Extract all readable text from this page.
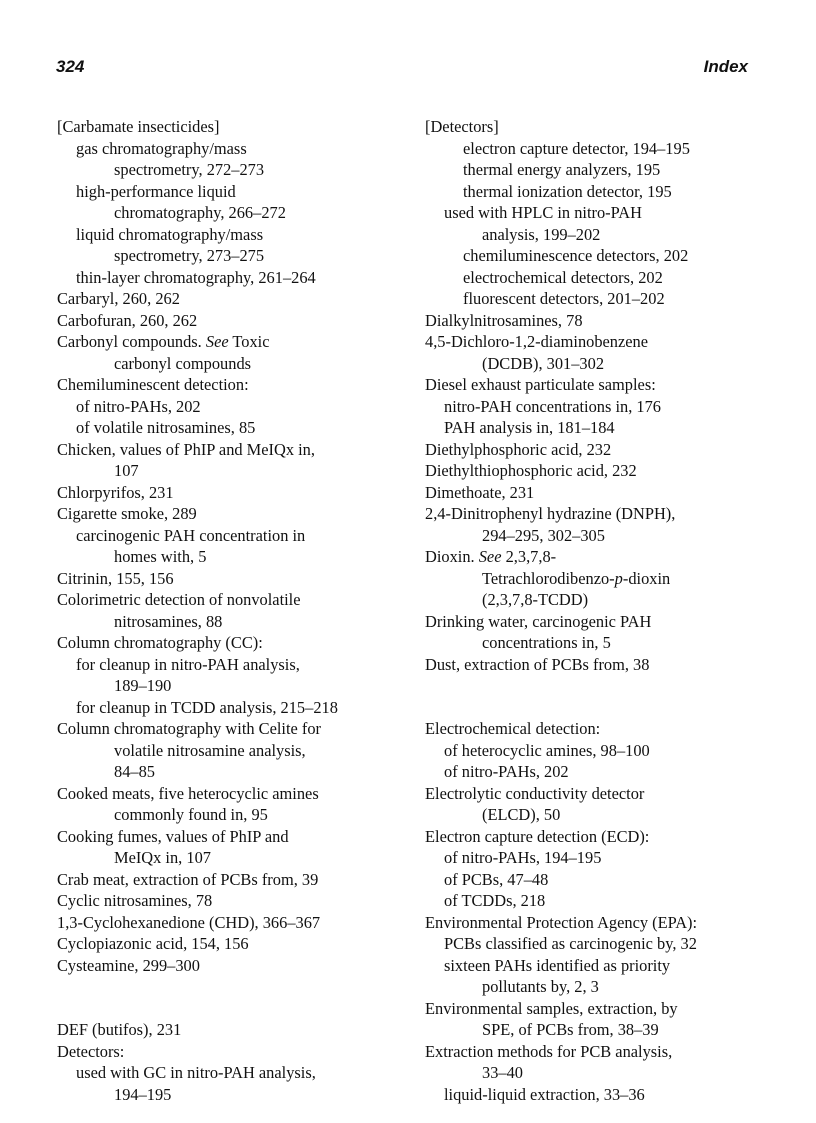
324	Index
[Carbamate insecticides]
gas chromatography/mass
spectrometry, 272–273
high-performance liquid
chromatography, 266–272
liquid chromatography/mass
spectrometry, 273–275
thin-layer chromatography, 261–264
Carbaryl, 260, 262
Carbofuran, 260, 262
Carbonyl compounds. See Toxic
carbonyl compounds
Chemiluminescent detection:
of nitro-PAHs, 202
of volatile nitrosamines, 85
Chicken, values of PhIP and MeIQx in,
107
Chlorpyrifos, 231
Cigarette smoke, 289
carcinogenic PAH concentration in
homes with, 5
Citrinin, 155, 156
Colorimetric detection of nonvolatile
nitrosamines, 88
Column chromatography (CC):
for cleanup in nitro-PAH analysis,
189–190
for cleanup in TCDD analysis, 215–218
Column chromatography with Celite for
volatile nitrosamine analysis,
84–85
Cooked meats, five heterocyclic amines
commonly found in, 95
Cooking fumes, values of PhIP and
MeIQx in, 107
Crab meat, extraction of PCBs from, 39
Cyclic nitrosamines, 78
1,3-Cyclohexanedione (CHD), 366–367
Cyclopiazonic acid, 154, 156
Cysteamine, 299–300
DEF (butifos), 231
Detectors:
used with GC in nitro-PAH analysis,
194–195
[Detectors]
electron capture detector, 194–195
thermal energy analyzers, 195
thermal ionization detector, 195
used with HPLC in nitro-PAH
analysis, 199–202
chemiluminescence detectors, 202
electrochemical detectors, 202
fluorescent detectors, 201–202
Dialkylnitrosamines, 78
4,5-Dichloro-1,2-diaminobenzene
(DCDB), 301–302
Diesel exhaust particulate samples:
nitro-PAH concentrations in, 176
PAH analysis in, 181–184
Diethylphosphoric acid, 232
Diethylthiophosphoric acid, 232
Dimethoate, 231
2,4-Dinitrophenyl hydrazine (DNPH),
294–295, 302–305
Dioxin. See 2,3,7,8-
Tetrachlorodibenzo-p-dioxin
(2,3,7,8-TCDD)
Drinking water, carcinogenic PAH
concentrations in, 5
Dust, extraction of PCBs from, 38
Electrochemical detection:
of heterocyclic amines, 98–100
of nitro-PAHs, 202
Electrolytic conductivity detector
(ELCD), 50
Electron capture detection (ECD):
of nitro-PAHs, 194–195
of PCBs, 47–48
of TCDDs, 218
Environmental Protection Agency (EPA):
PCBs classified as carcinogenic by, 32
sixteen PAHs identified as priority
pollutants by, 2, 3
Environmental samples, extraction, by
SPE, of PCBs from, 38–39
Extraction methods for PCB analysis,
33–40
liquid-liquid extraction, 33–36
